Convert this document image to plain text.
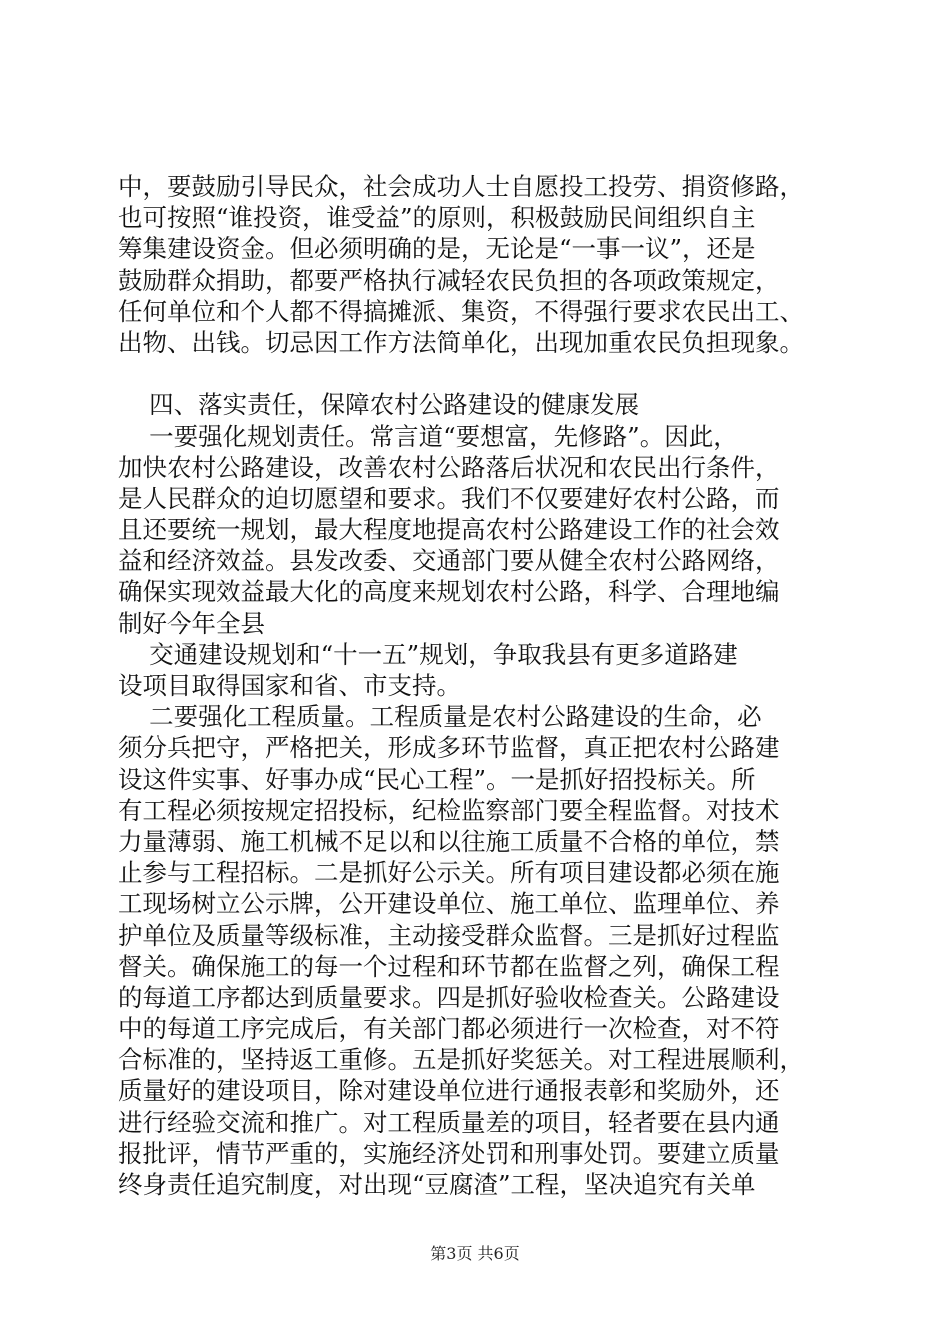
中，要鼓励引导民众，社会成功人士自愿投工投劳、捐资修路，
也可按照“谁投资，谁受益”的原则，积极鼓励民间组织自主
筹集建设资金。但必须明确的是，无论是“一事一议”，还是
鼓励群众捐助，都要严格执行减轻农民负担的各项政策规定，
任何单位和个人都不得搞摊派、集资，不得强行要求农民出工、
出物、出钱。切忌因工作方法简单化，出现加重农民负担现象。
四、落实责任，保障农村公路建设的健康发展
一要强化规划责任。常言道“要想富，先修路”。因此，
加快农村公路建设，改善农村公路落后状况和农民出行条件，
是人民群众的迫切愿望和要求。我们不仅要建好农村公路，而
且还要统一规划，最大程度地提高农村公路建设工作的社会效
益和经济效益。县发改委、交通部门要从健全农村公路网络，
确保实现效益最大化的高度来规划农村公路，科学、合理地编
制好今年全县
交通建设规划和“十一五”规划，争取我县有更多道路建
设项目取得国家和省、市支持。
二要强化工程质量。工程质量是农村公路建设的生命，必
须分兵把守，严格把关，形成多环节监督，真正把农村公路建
设这件实事、好事办成“民心工程”。一是抓好招投标关。所
有工程必须按规定招投标，纪检监察部门要全程监督。对技术
力量薄弱、施工机械不足以和以往施工质量不合格的单位，禁
止参与工程招标。二是抓好公示关。所有项目建设都必须在施
工现场树立公示牌，公开建设单位、施工单位、监理单位、养
护单位及质量等级标准，主动接受群众监督。三是抓好过程监
督关。确保施工的每一个过程和环节都在监督之列，确保工程
的每道工序都达到质量要求。四是抓好验收检查关。公路建设
中的每道工序完成后，有关部门都必须进行一次检查，对不符
合标准的，坚持返工重修。五是抓好奖惩关。对工程进展顺利，
质量好的建设项目，除对建设单位进行通报表彰和奖励外，还
进行经验交流和推广。对工程质量差的项目，轻者要在县内通
报批评，情节严重的，实施经济处罚和刑事处罚。要建立质量
终身责任追究制度，对出现“豆腐渣”工程，坚决追究有关单
第3页 共6页
